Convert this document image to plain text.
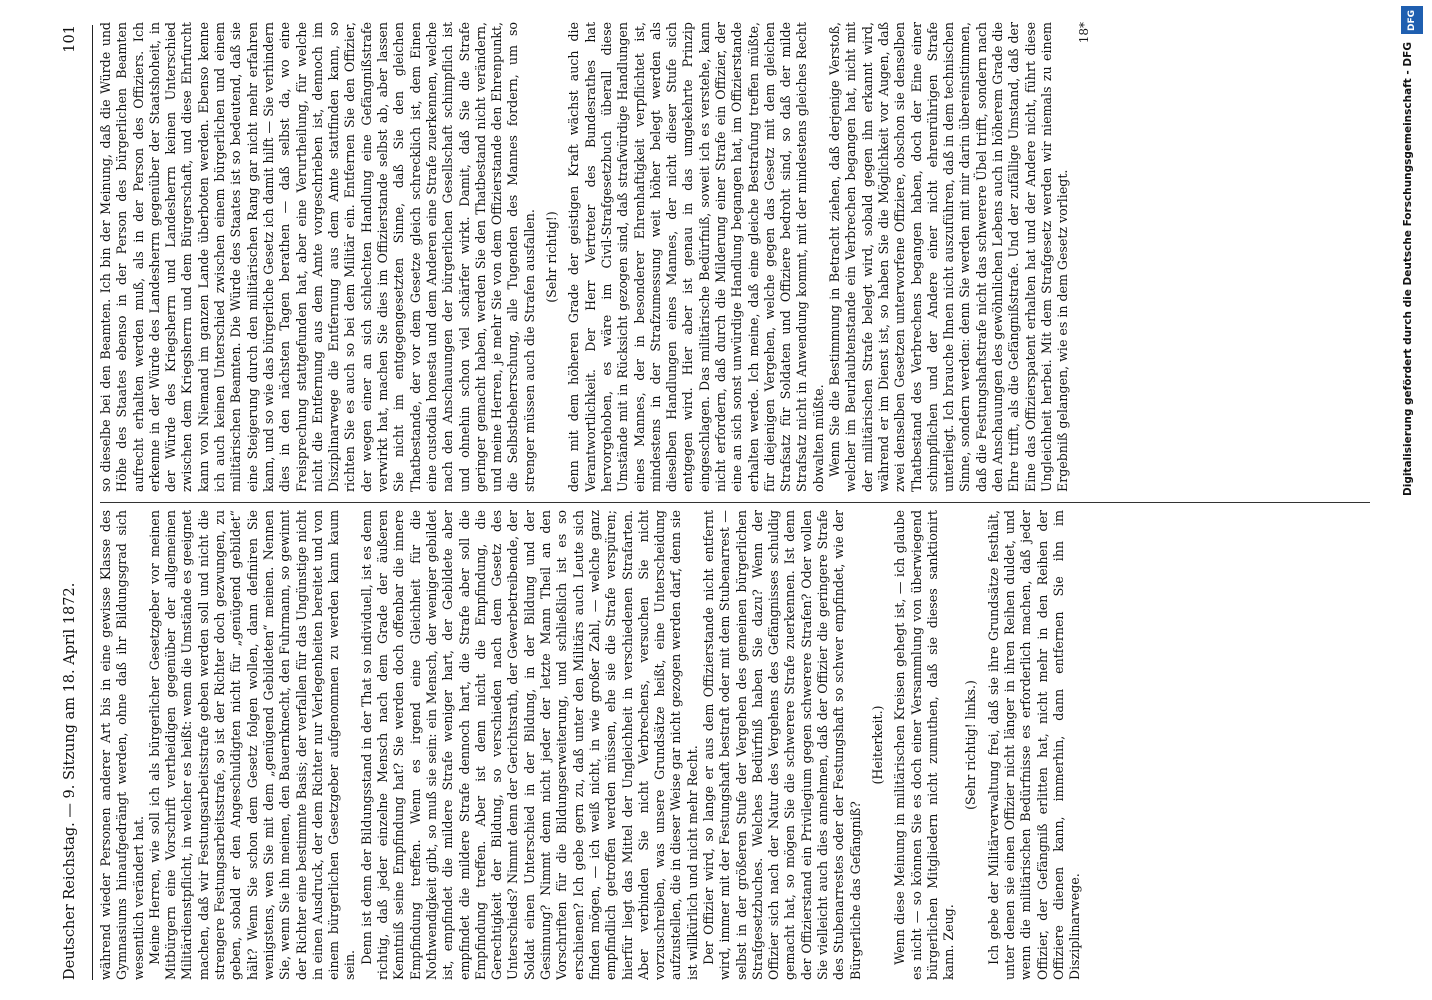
Deutscher Reichstag. — 9. Sitzung am 18. April 1872.
101

während wieder Personen anderer Art bis in eine gewisse Klasse des Gymnasiums hinaufgedrängt werden, ohne daß ihr Bildungsgrad sich wesentlich verändert hat. Meine Herren, wie soll ich als bürgerlicher Gesetzgeber vor meinen Mitbürgern eine Vorschrift vertheidigen gegenüber der allgemeinen Militärdienstpflicht, in welcher es heißt: wenn die Umstände es geeignet machen, daß wir Festungsarbeitsstrafe geben werden soll und nicht die strengere Festungsarbeitsstrafe, so ist der Richter doch gezwungen, zu geben, sobald er den Angeschuldigten nicht für „genügend gebildet“ hält? Wenn Sie schon dem Gesetz folgen wollen, dann definiren Sie wenigstens, wen Sie mit dem „genügend Gebildeten“ meinen. Nennen Sie, wenn Sie ihn meinen, den Bauernknecht, den Fuhrmann, so gewinnt der Richter eine bestimmte Basis; der verfallen für das Ungünstige nicht in einen Ausdruck, der dem Richter nur Verlegenheiten bereitet und von einem bürgerlichen Gesetzgeber aufgenommen zu werden kann kaum sein.

Denn ist denn der Bildungsstand in der That so individuell, ist es denn richtig, daß jeder einzelne Mensch nach dem Grade der äußeren Kenntniß seine Empfindung hat? Sie werden doch offenbar die innere Empfindung treffen. Wenn es irgend eine Gleichheit für die Nothwendigkeit gibt, so muß sie sein: ein Mensch, der weniger gebildet ist, empfindet die mildere Strafe weniger hart, der Gebildete aber empfindet die mildere Strafe dennoch hart, die Strafe aber soll die Empfindung treffen. Aber ist denn nicht die Empfindung, die Gerechtigkeit der Bildung, so verschieden nach dem Gesetz des Unterschieds? Nimmt denn der Gerichtsrath, der Gewerbetreibende, der Soldat einen Unterschied in der Bildung, in der Bildung und der Gesinnung? Nimmt denn nicht jeder der letzte Mann Theil an den Vorschriften für die Bildungserweiterung, und schließlich ist es so erschienen? Ich gebe gern zu, daß unter den Militärs auch Leute sich finden mögen, — ich weiß nicht, in wie großer Zahl, — welche ganz empfindlich getroffen werden müssen, ehe sie die Strafe verspüren; hierfür liegt das Mittel der Ungleichheit in verschiedenen Strafarten. Aber verbinden Sie nicht Verbrechens, versuchen Sie nicht vorzuschreiben, was unsere Grundsätze heißt, eine Unterscheidung aufzustellen, die in dieser Weise gar nicht gezogen werden darf, denn sie ist willkürlich und nicht mehr Recht. Der Offizier wird, so lange er aus dem Offizierstande nicht entfernt wird, immer mit der Festungshaft bestraft oder mit dem Stubenarrest — selbst in der größeren Stufe der Vergehen des gemeinen bürgerlichen Strafgesetzbuches. Welches Bedürfniß haben Sie dazu? Wenn der Offizier sich nach der Natur des Vergehens des Gefängnisses schuldig gemacht hat, so mögen Sie die schwerere Strafe zuerkennen. Ist denn der Offizierstand ein Privilegium gegen schwerere Strafen? Oder wollen Sie vielleicht auch dies annehmen, daß der Offizier die geringere Strafe des Stubenarrestes oder der Festungshaft so schwer empfindet, wie der Bürgerliche das Gefängniß?

(Heiterkeit.) Wenn diese Meinung in militärischen Kreisen gehegt ist, — ich glaube es nicht — so können Sie es doch einer Versammlung von überwiegend bürgerlichen Mitgliedern nicht zumuthen, daß sie dieses sanktionirt kann. Zeug.

(Sehr richtig! links.) Ich gebe der Militärverwaltung frei, daß sie ihre Grundsätze festhält, unter denen sie einen Offizier nicht länger in ihren Reihen duldet, und wenn die militärischen Bedürfnisse es erforderlich machen, daß jeder Offizier, der Gefängniß erlitten hat, nicht mehr in den Reihen der Offiziere dienen kann, immerhin, dann entfernen Sie ihn im Disziplinarwege.

so dieselbe bei den Beamten. Ich bin der Meinung, daß die Würde und Höhe des Staates ebenso in der Person des bürgerlichen Beamten aufrecht erhalten werden muß, als in der Person des Offiziers. Ich erkenne in der Würde des Landesherrn gegenüber der Staatshoheit, in der Würde des Kriegsherrn und Landesherrn keinen Unterschied zwischen dem Kriegsherrn und dem Bürgerschaft, und diese Ehrfurcht kann von Niemand im ganzen Lande überboten werden. Ebenso kenne ich auch keinen Unterschied zwischen einem bürgerlichen und einem militärischen Beamten. Die Würde des Staates ist so bedeutend, daß sie eine Steigerung durch den militärischen Rang gar nicht mehr erfahren kann, und so wie das bürgerliche Gesetz ich damit hilft — Sie verhindern dies in den nächsten Tagen berathen — daß selbst da, wo eine Freisprechung stattgefunden hat, aber eine Verurtheilung, für welche nicht die Entfernung aus dem Amte vorgeschrieben ist, dennoch im Disziplinarwege die Entfernung aus dem Amte stattfinden kann, so richten Sie es auch so bei dem Militär ein. Entfernen Sie den Offizier, der wegen einer an sich schlechten Handlung eine Gefängnißstrafe verwirkt hat, machen Sie dies im Offizierstande selbst ab, aber lassen Sie nicht im entgegengesetzten Sinne, daß Sie den gleichen Thatbestande, der vor dem Gesetze gleich schrecklich ist, dem Einen eine custodia honesta und dem Anderen eine Strafe zuerkennen, welche nach den Anschauungen der bürgerlichen Gesellschaft schimpflich ist und ohnehin schon viel schärfer wirkt. Damit, daß Sie die Strafe geringer gemacht haben, werden Sie den Thatbestand nicht verändern, und meine Herren, je mehr Sie von dem Offizierstande den Ehrenpunkt, die Selbstbeherrschung, alle Tugenden des Mannes fordern, um so strenger müssen auch die Strafen ausfallen. (Sehr richtig!) denn mit dem höheren Grade der geistigen Kraft wächst auch die Verantwortlichkeit. Der Herr Vertreter des Bundesrathes hat hervorgehoben, es wäre im Civil-Strafgesetzbuch überall diese Umstände mit in Rücksicht gezogen sind, daß strafwürdige Handlungen eines Mannes, der in besonderer Ehrenhaftigkeit verpflichtet ist, mindestens in der Strafzumessung weit höher belegt werden als dieselben Handlungen eines Mannes, der nicht dieser Stufe sich entgegen wird. Hier aber ist genau in das umgekehrte Prinzip eingeschlagen. Das militärische Bedürfniß, soweit ich es verstehe, kann nicht erfordern, daß durch die Milderung einer Strafe ein Offizier, der eine an sich sonst unwürdige Handlung begangen hat, im Offizierstande erhalten werde. Ich meine, daß eine gleiche Bestrafung treffen müßte, für diejenigen Vergehen, welche gegen das Gesetz mit dem gleichen Strafsatz für Soldaten und Offiziere bedroht sind, so daß der milde Strafsatz nicht in Anwendung kommt, mit der mindestens gleiches Recht obwalten müßte. Wenn Sie die Bestimmung in Betracht ziehen, daß derjenige Verstoß, welcher im Beurlaubtenstande ein Verbrechen begangen hat, nicht mit der militärischen Strafe belegt wird, sobald gegen ihn erkannt wird, während er im Dienst ist, so haben Sie die Möglichkeit vor Augen, daß zwei denselben Gesetzen unterworfene Offiziere, obschon sie denselben Thatbestand des Verbrechens begangen haben, doch der Eine einer schimpflichen und der Andere einer nicht ehrenrührigen Strafe unterliegt. Ich brauche Ihnen nicht auszuführen, daß in dem technischen Sinne, sondern werden: denn Sie werden mit mir darin übereinstimmen, daß die Festungshaftstrafe nicht das schwerere Übel trifft, sondern nach den Anschauungen des gewöhnlichen Lebens auch in höherem Grade die Ehre trifft, als die Gefängnißstrafe. Und der zufällige Umstand, daß der Eine das Offizierspatent erhalten hat und der Andere nicht, führt diese Ungleichheit herbei. Mit dem Strafgesetz werden wir niemals zu einem Ergebniß gelangen, wie es in dem Gesetz vorliegt.

18*
DFG
Digitalisierung gefördert durch die Deutsche Forschungsgemeinschaft - DFG
